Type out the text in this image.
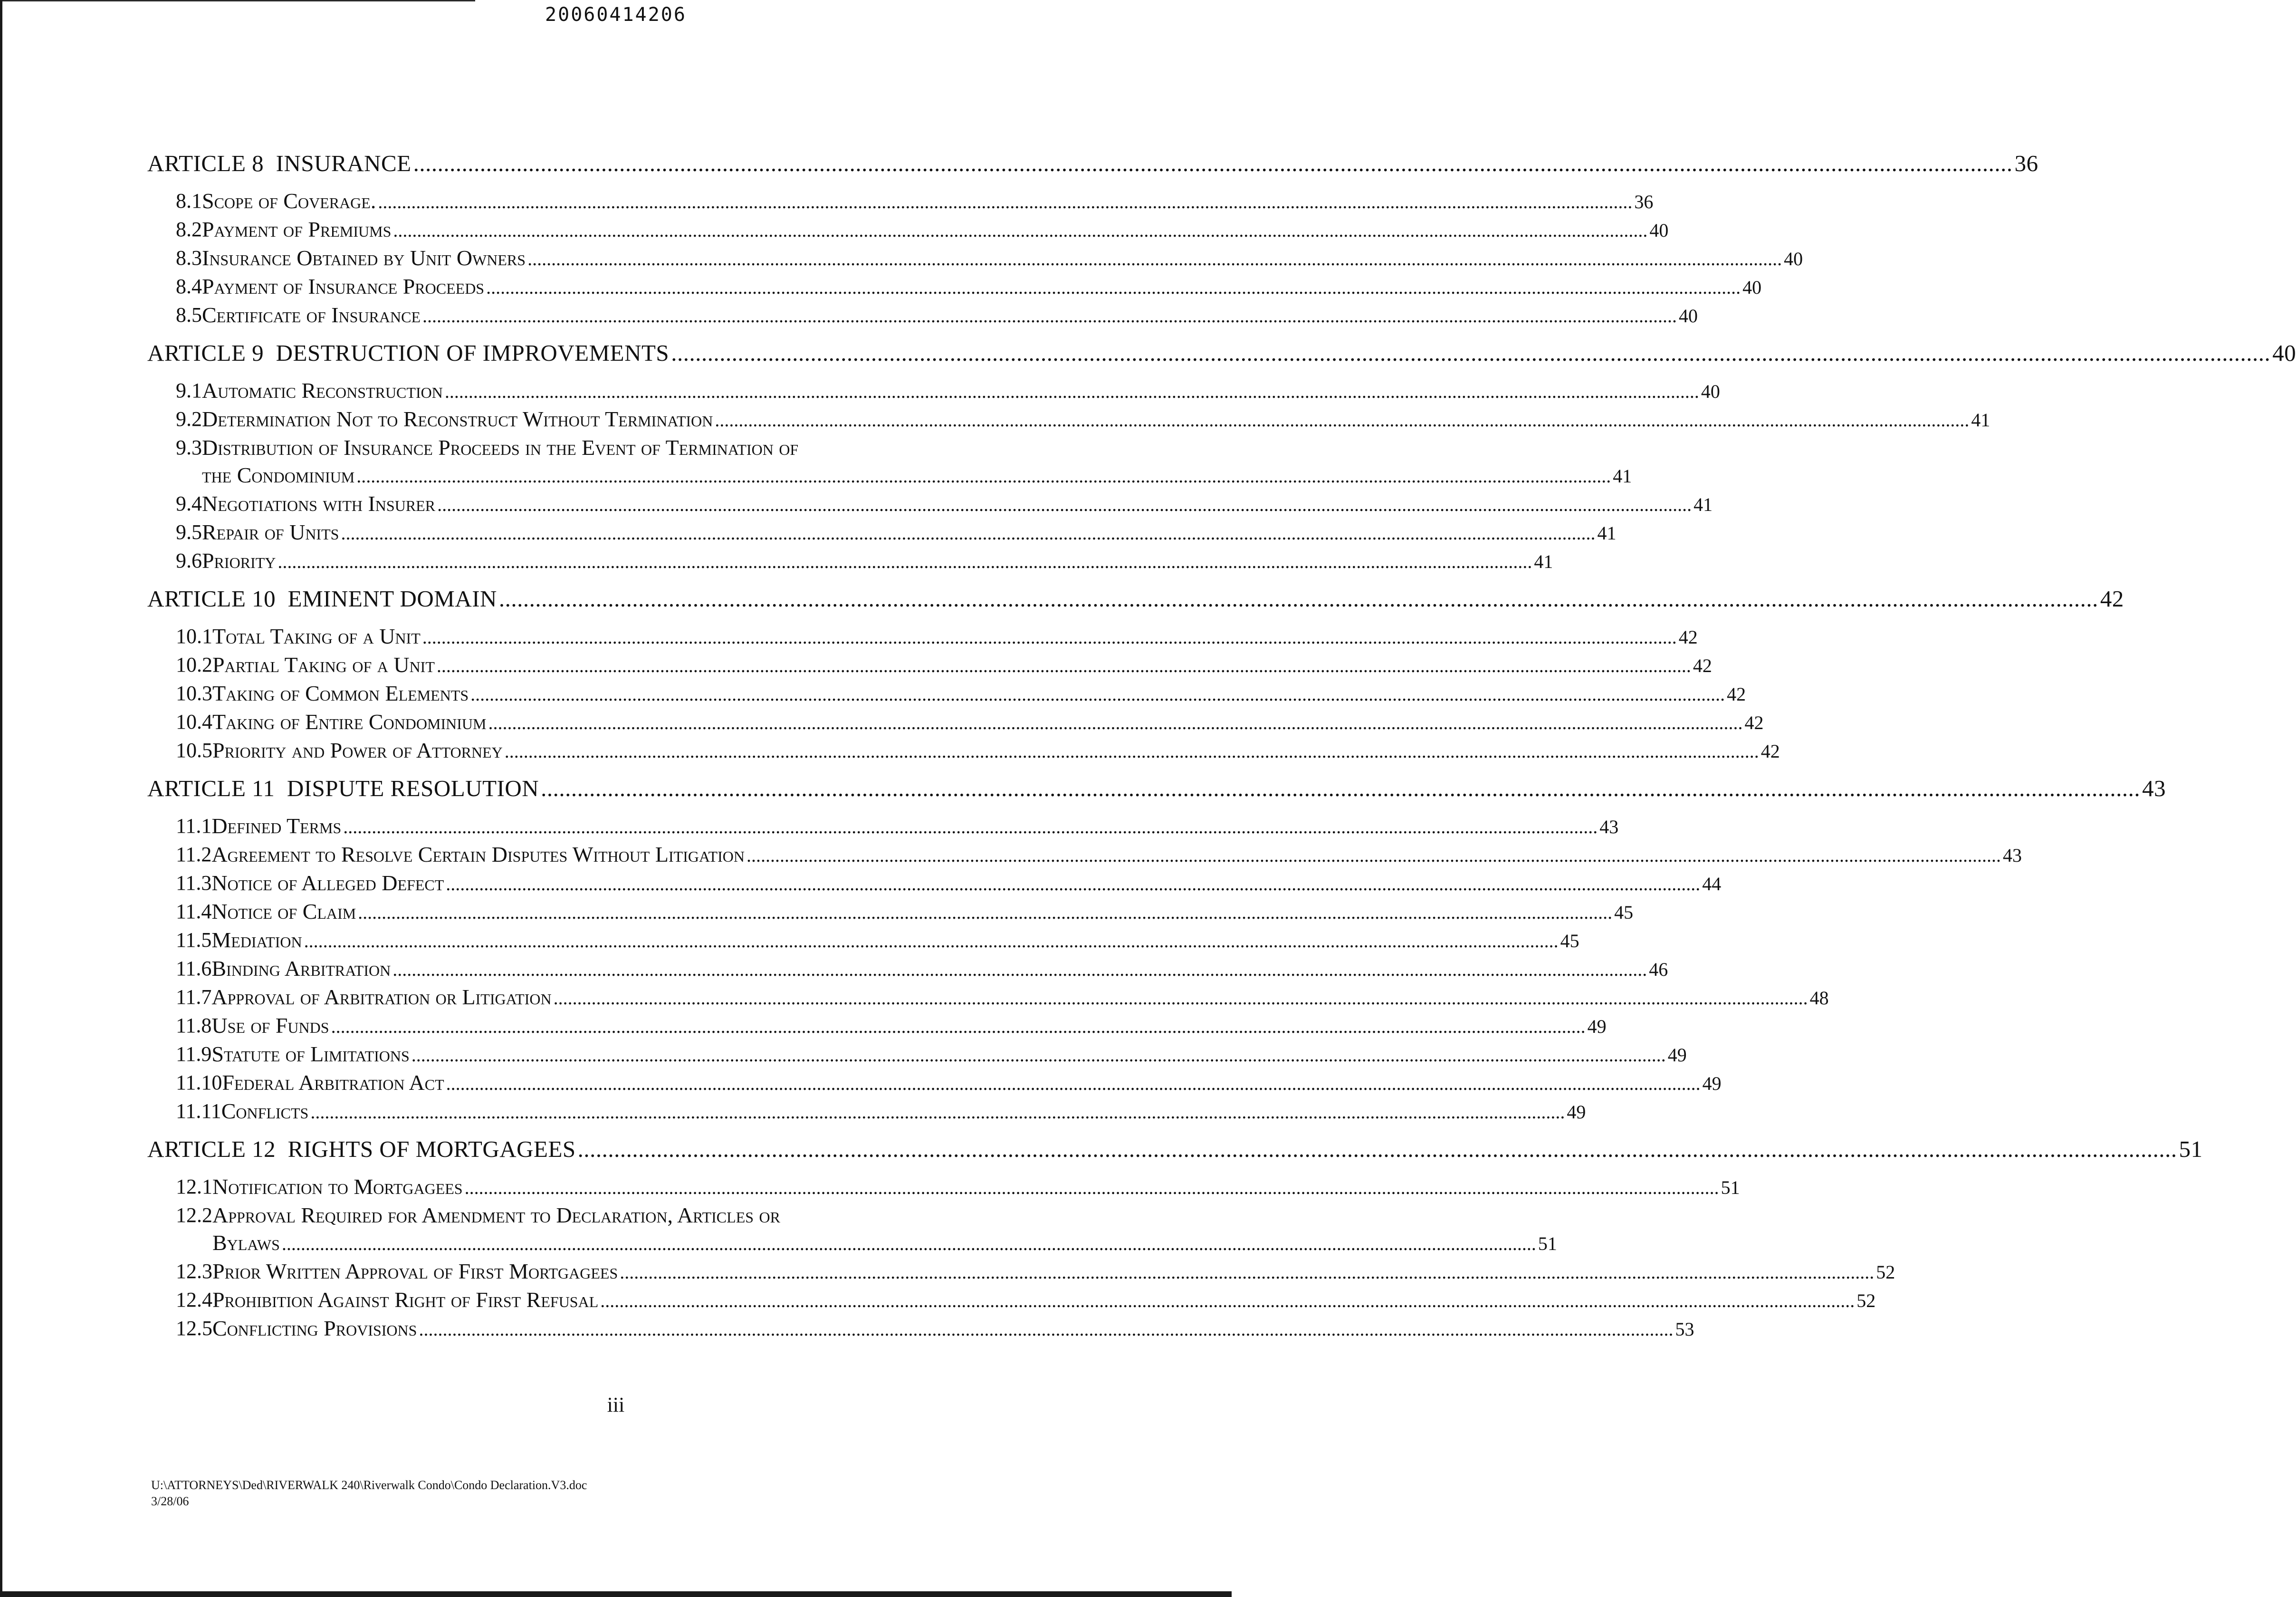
20060414206
ARTICLE 8  INSURANCE .....	36
8.1 Scope of Coverage. .....	36
8.2 Payment of Premiums .....	40
8.3 Insurance Obtained by Unit Owners .....	40
8.4 Payment of Insurance Proceeds .....	40
8.5 Certificate of Insurance .....	40
ARTICLE 9  DESTRUCTION OF IMPROVEMENTS .....	40
9.1 Automatic Reconstruction .....	40
9.2 Determination Not to Reconstruct Without Termination .....	41
9.3 Distribution of Insurance Proceeds in the Event of Termination of
the Condominium .....	41
9.4 Negotiations with Insurer .....	41
9.5 Repair of Units .....	41
9.6 Priority .....	41
ARTICLE 10  EMINENT DOMAIN .....	42
10.1 Total Taking of a Unit .....	42
10.2 Partial Taking of a Unit .....	42
10.3 Taking of Common Elements .....	42
10.4 Taking of Entire Condominium .....	42
10.5 Priority and Power of Attorney .....	42
ARTICLE 11  DISPUTE RESOLUTION .....	43
11.1 Defined Terms .....	43
11.2 Agreement to Resolve Certain Disputes Without Litigation .....	43
11.3 Notice of Alleged Defect .....	44
11.4 Notice of Claim .....	45
11.5 Mediation .....	45
11.6 Binding Arbitration .....	46
11.7 Approval of Arbitration or Litigation .....	48
11.8 Use of Funds .....	49
11.9 Statute of Limitations .....	49
11.10 Federal Arbitration Act .....	49
11.11 Conflicts .....	49
ARTICLE 12  RIGHTS OF MORTGAGEES .....	51
12.1 Notification to Mortgagees .....	51
12.2 Approval Required for Amendment to Declaration, Articles or
Bylaws .....	51
12.3 Prior Written Approval of First Mortgagees .....	52
12.4 Prohibition Against Right of First Refusal .....	52
12.5 Conflicting Provisions .....	53
iii
U:\ATTORNEYS\Ded\RIVERWALK 240\Riverwalk Condo\Condo Declaration.V3.doc
3/28/06
